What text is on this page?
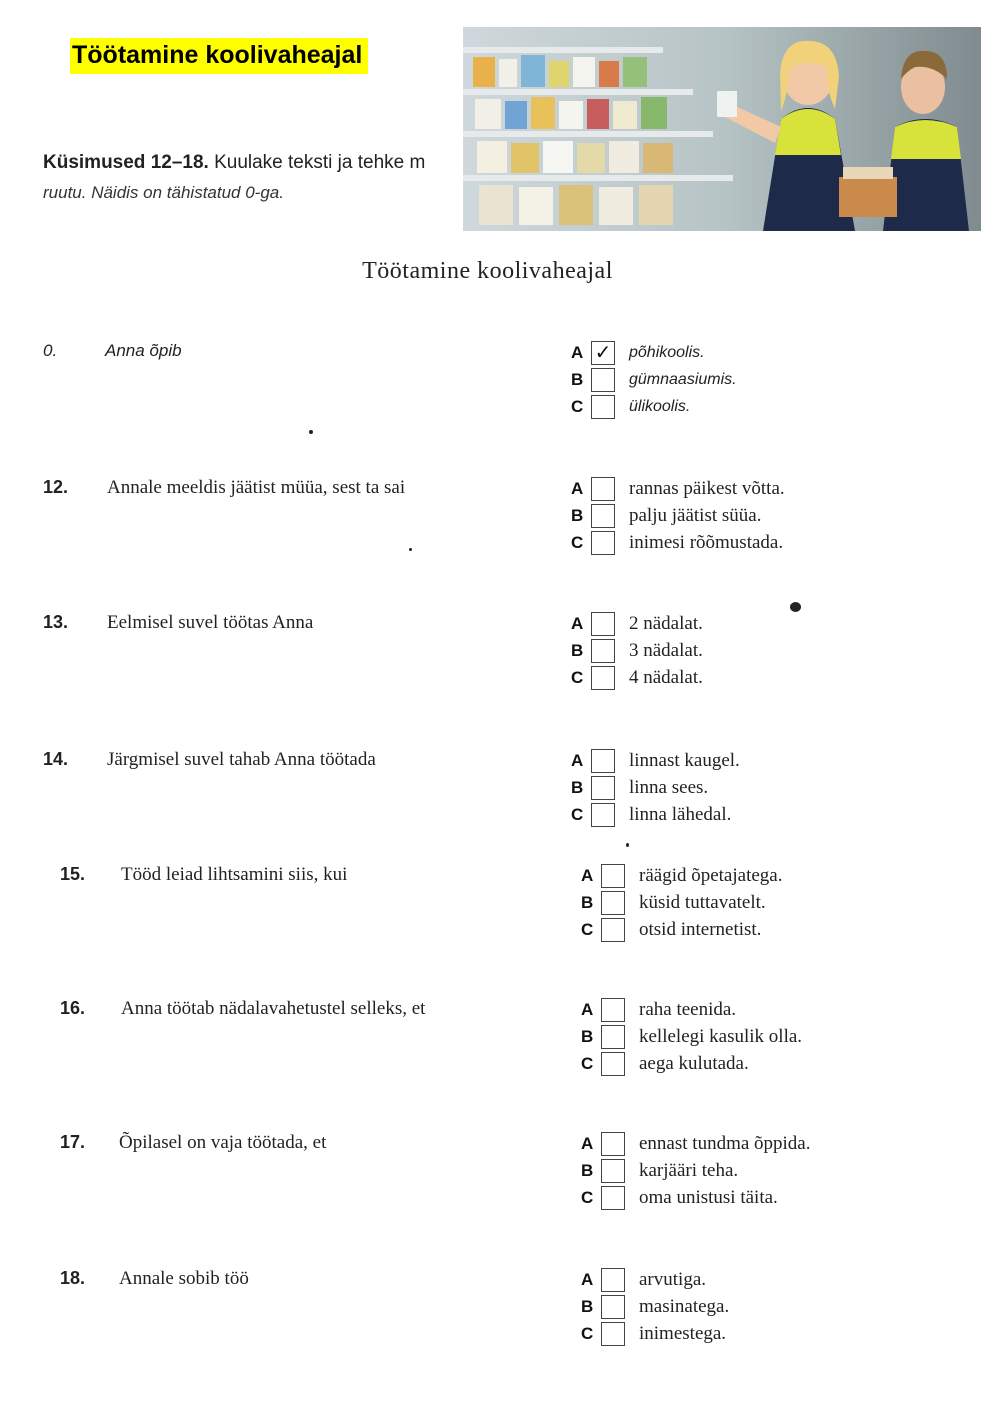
Töötamine koolivaheajal
Küsimused 12–18. Kuulake teksti ja tehke m
ruutu. Näidis on tähistatud 0-ga.
Töötamine koolivaheajal
0.	Anna õpib	A ✓ põhikoolis.
B	gümnaasiumis.
C	ülikoolis.
12. Annale meeldis jäätist müüa, sest ta sai	A rannas päikest võtta.
B palju jäätist süüa.
C inimesi rõõmustada.
13. Eelmisel suvel töötas Anna	A 2 nädalat.
B 3 nädalat.
C 4 nädalat.
14. Järgmisel suvel tahab Anna töötada	A linnast kaugel.
B linna sees.
C linna lähedal.
15. Tööd leiad lihtsamini siis, kui	A räägid õpetajatega.
B küsid tuttavatelt.
C otsid internetist.
16. Anna töötab nädalavahetustel selleks, et	A raha teenida.
B kellelegi kasulik olla.
C aega kulutada.
17. Õpilasel on vaja töötada, et	A ennast tundma õppida.
B karjääri teha.
C oma unistusi täita.
18. Annale sobib töö	A arvutiga.
B masinatega.
C inimestega.
